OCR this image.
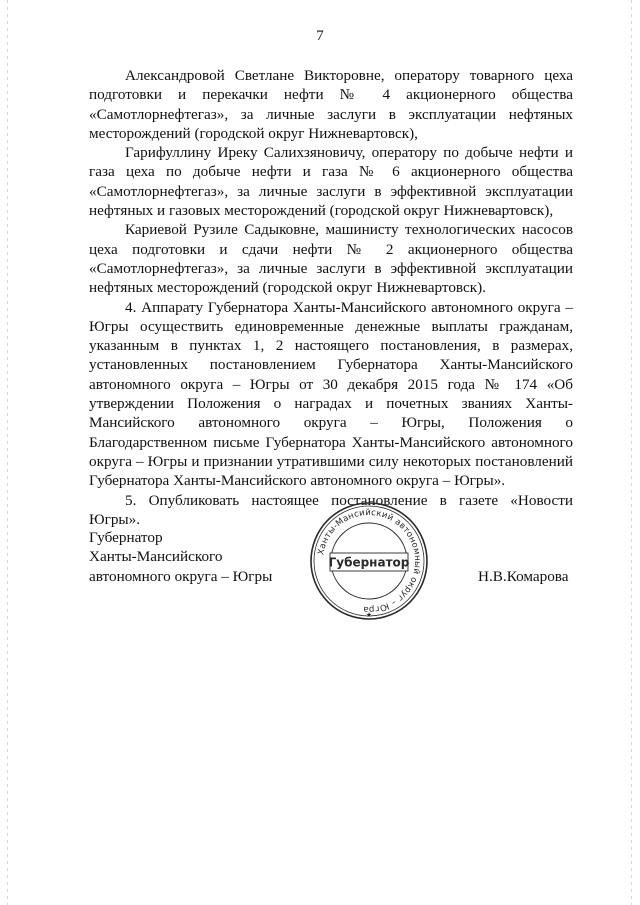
7

Александровой Светлане Викторовне, оператору товарного цеха подготовки и перекачки нефти № 4 акционерного общества «Самотлорнефтегаз», за личные заслуги в эксплуатации нефтяных месторождений (городской округ Нижневартовск),

Гарифуллину Иреку Салихзяновичу, оператору по добыче нефти и газа цеха по добыче нефти и газа № 6 акционерного общества «Самотлорнефтегаз», за личные заслуги в эффективной эксплуатации нефтяных и газовых месторождений (городской округ Нижневартовск),

Кариевой Рузиле Садыковне, машинисту технологических насосов цеха подготовки и сдачи нефти № 2 акционерного общества «Самотлорнефтегаз», за личные заслуги в эффективной эксплуатации нефтяных месторождений (городской округ Нижневартовск).

4. Аппарату Губернатора Ханты-Мансийского автономного округа – Югры осуществить единовременные денежные выплаты гражданам, указанным в пунктах 1, 2 настоящего постановления, в размерах, установленных постановлением Губернатора Ханты-Мансийского автономного округа – Югры от 30 декабря 2015 года № 174 «Об утверждении Положения о наградах и почетных званиях Ханты-Мансийского автономного округа – Югры, Положения о Благодарственном письме Губернатора Ханты-Мансийского автономного округа – Югры и признании утратившими силу некоторых постановлений Губернатора Ханты-Мансийского автономного округа – Югры».

5. Опубликовать настоящее постановление в газете «Новости Югры».

Губернатор
Ханты-Мансийского
автономного округа – Югры	Н.В.Комарова
Ханты-Мансийский автономный округ – Югра
Губернатор
★
